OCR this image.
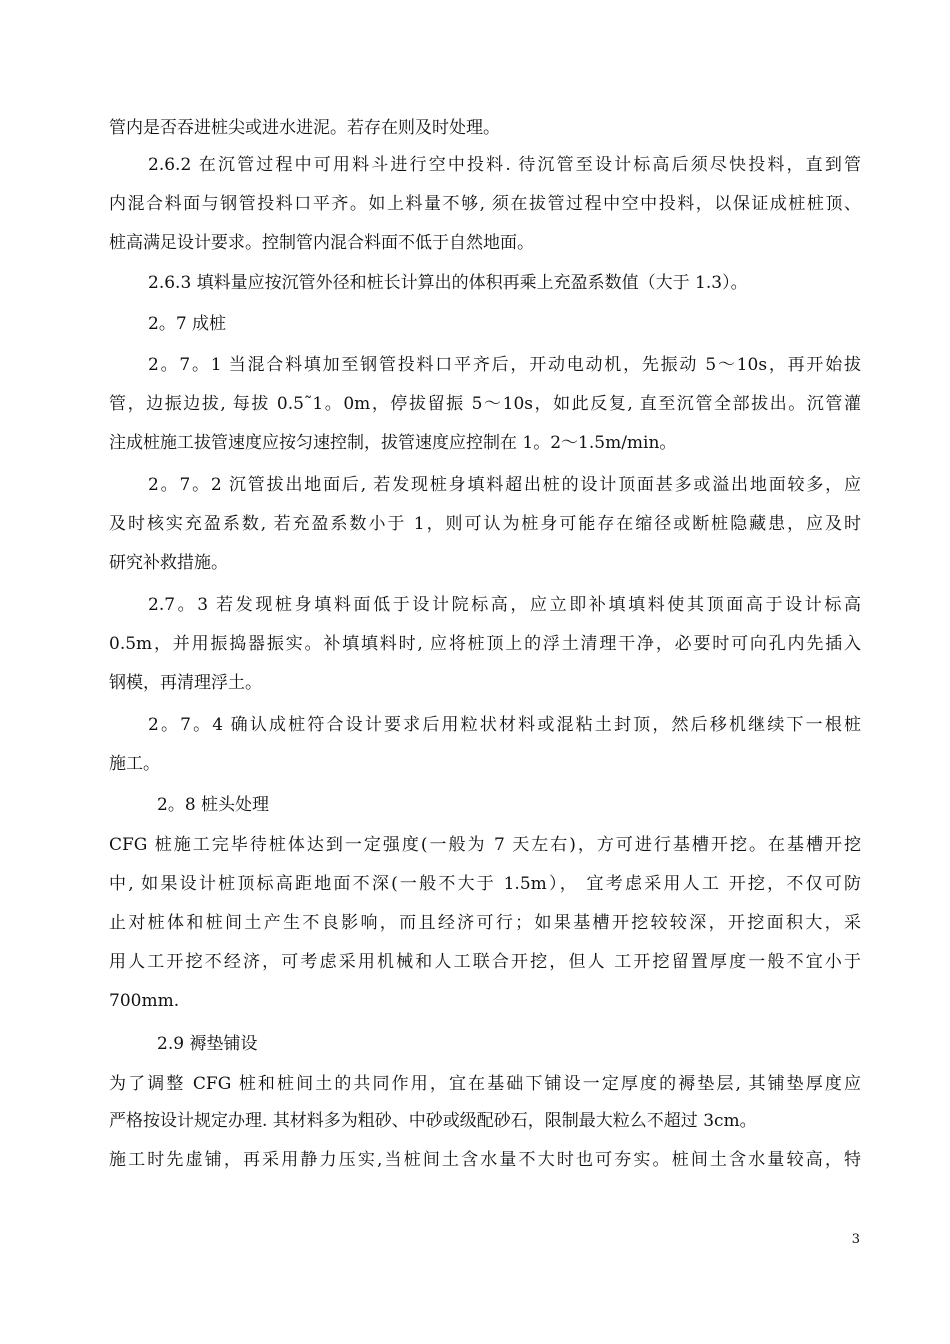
管内是否吞进桩尖或进水进泥。若存在则及时处理。
2.6.2 在沉管过程中可用料斗进行空中投料. 待沉管至设计标高后须尽快投料，直到管
内混合料面与钢管投料口平齐。如上料量不够, 须在拔管过程中空中投料，以保证成桩桩顶、
桩高满足设计要求。控制管内混合料面不低于自然地面。
2.6.3 填料量应按沉管外径和桩长计算出的体积再乘上充盈系数值（大于 1.3）。
2。7 成桩
2。7。1 当混合料填加至钢管投料口平齐后，开动电动机，先振动 5～10s，再开始拔
管，边振边拔, 每拔 0.5˜1。0m，停拔留振 5～10s，如此反复, 直至沉管全部拔出。沉管灌
注成桩施工拔管速度应按匀速控制，拔管速度应控制在 1。2～1.5m/min。
2。7。2 沉管拔出地面后, 若发现桩身填料超出桩的设计顶面甚多或溢出地面较多，应
及时核实充盈系数, 若充盈系数小于 1，则可认为桩身可能存在缩径或断桩隐藏患，应及时
研究补救措施。
2.7。3 若发现桩身填料面低于设计院标高，应立即补填填料使其顶面高于设计标高
0.5m，并用振捣器振实。补填填料时, 应将桩顶上的浮土清理干净，必要时可向孔内先插入
钢模，再清理浮土。
2。7。4 确认成桩符合设计要求后用粒状材料或混粘土封顶，然后移机继续下一根桩
施工。
2。8 桩头处理
CFG 桩施工完毕待桩体达到一定强度(一般为 7 天左右)，方可进行基槽开挖。在基槽开挖
中, 如果设计桩顶标高距地面不深(一般不大于 1.5m）， 宜考虑采用人工 开挖，不仅可防
止对桩体和桩间土产生不良影响，而且经济可行；如果基槽开挖较较深，开挖面积大，采
用人工开挖不经济，可考虑采用机械和人工联合开挖，但人 工开挖留置厚度一般不宜小于
700mm.
2.9 褥垫铺设
为了调整 CFG 桩和桩间土的共同作用，宜在基础下铺设一定厚度的褥垫层, 其铺垫厚度应
严格按设计规定办理. 其材料多为粗砂、中砂或级配砂石，限制最大粒么不超过 3cm。
施工时先虚铺，再采用静力压实,当桩间土含水量不大时也可夯实。桩间土含水量较高，特
3
